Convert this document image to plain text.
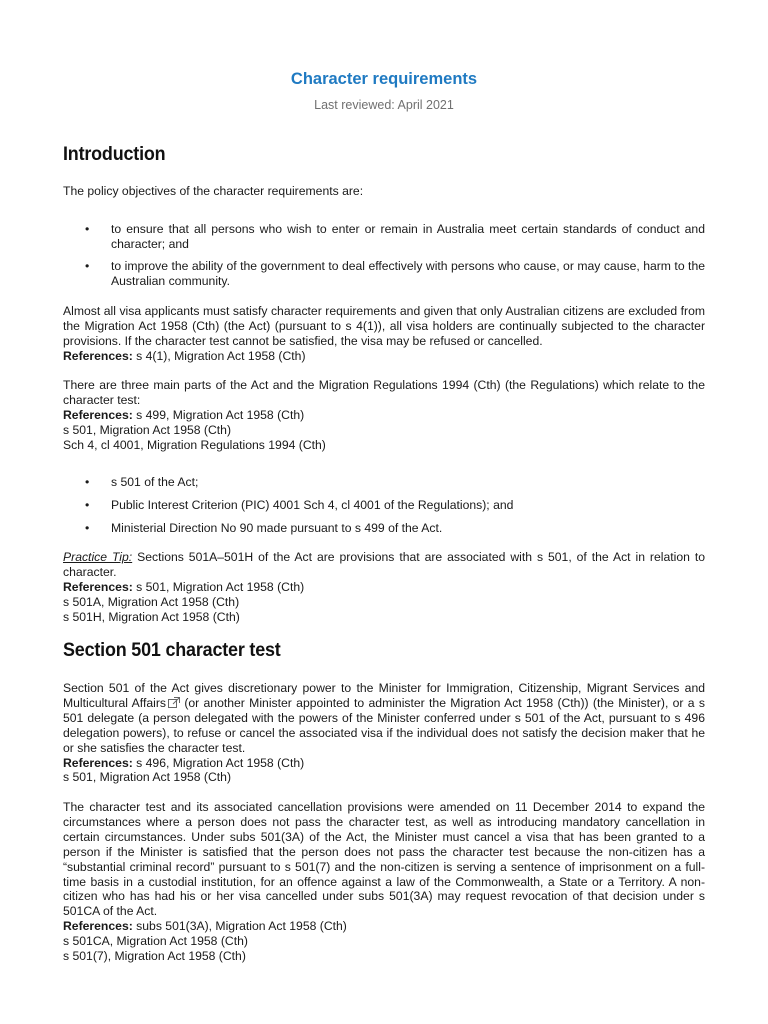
Character requirements
Last reviewed: April 2021
Introduction
The policy objectives of the character requirements are:
• to ensure that all persons who wish to enter or remain in Australia meet certain standards of conduct and character; and
• to improve the ability of the government to deal effectively with persons who cause, or may cause, harm to the Australian community.
Almost all visa applicants must satisfy character requirements and given that only Australian citizens are excluded from the Migration Act 1958 (Cth) (the Act) (pursuant to s 4(1)), all visa holders are continually subjected to the character provisions. If the character test cannot be satisfied, the visa may be refused or cancelled.
References: s 4(1), Migration Act 1958 (Cth)
There are three main parts of the Act and the Migration Regulations 1994 (Cth) (the Regulations) which relate to the character test:
References: s 499, Migration Act 1958 (Cth)
s 501, Migration Act 1958 (Cth)
Sch 4, cl 4001, Migration Regulations 1994 (Cth)
• s 501 of the Act;
• Public Interest Criterion (PIC) 4001 Sch 4, cl 4001 of the Regulations); and
• Ministerial Direction No 90 made pursuant to s 499 of the Act.
Practice Tip: Sections 501A–501H of the Act are provisions that are associated with s 501, of the Act in relation to character.
References: s 501, Migration Act 1958 (Cth)
s 501A, Migration Act 1958 (Cth)
s 501H, Migration Act 1958 (Cth)
Section 501 character test
Section 501 of the Act gives discretionary power to the Minister for Immigration, Citizenship, Migrant Services and Multicultural Affairs (or another Minister appointed to administer the Migration Act 1958 (Cth)) (the Minister), or a s 501 delegate (a person delegated with the powers of the Minister conferred under s 501 of the Act, pursuant to s 496 delegation powers), to refuse or cancel the associated visa if the individual does not satisfy the decision maker that he or she satisfies the character test.
References: s 496, Migration Act 1958 (Cth)
s 501, Migration Act 1958 (Cth)
The character test and its associated cancellation provisions were amended on 11 December 2014 to expand the circumstances where a person does not pass the character test, as well as introducing mandatory cancellation in certain circumstances. Under subs 501(3A) of the Act, the Minister must cancel a visa that has been granted to a person if the Minister is satisfied that the person does not pass the character test because the non-citizen has a “substantial criminal record” pursuant to s 501(7) and the non-citizen is serving a sentence of imprisonment on a full-time basis in a custodial institution, for an offence against a law of the Commonwealth, a State or a Territory. A non-citizen who has had his or her visa cancelled under subs 501(3A) may request revocation of that decision under s 501CA of the Act.
References: subs 501(3A), Migration Act 1958 (Cth)
s 501CA, Migration Act 1958 (Cth)
s 501(7), Migration Act 1958 (Cth)
